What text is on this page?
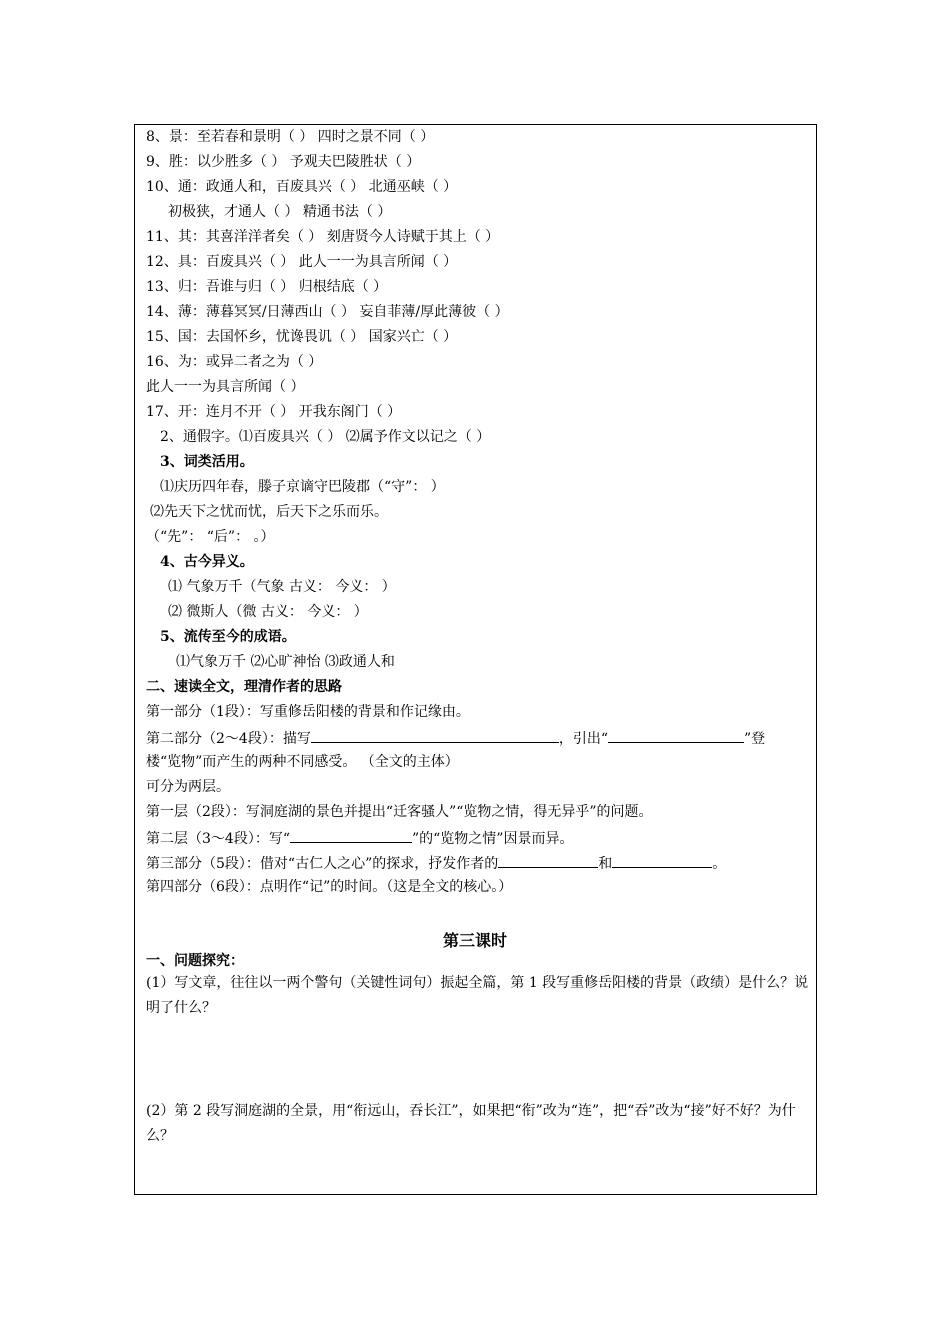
8、景：至若春和景明（ ） 四时之景不同（ ）
9、胜：以少胜多（ ） 予观夫巴陵胜状（ ）
10、通：政通人和，百废具兴（ ） 北通巫峡（ ）
初极狭，才通人（ ） 精通书法（ ）
11、其：其喜洋洋者矣（ ） 刻唐贤今人诗赋于其上（ ）
12、具：百废具兴（ ） 此人一一为具言所闻（ ）
13、归：吾谁与归（ ） 归根结底（ ）
14、薄：薄暮冥冥/日薄西山（ ） 妄自菲薄/厚此薄彼（ ）
15、国：去国怀乡，忧谗畏讥（ ） 国家兴亡（ ）
16、为：或异二者之为（ ）
此人一一为具言所闻（ ）
17、开：连月不开（ ） 开我东阁门（ ）
2、通假字。⑴百废具兴（ ） ⑵属予作文以记之（ ）
3、词类活用。
⑴庆历四年春，滕子京谪守巴陵郡（“守”： ）
⑵先天下之忧而忧，后天下之乐而乐。
（“先”： “后”： 。）
4、古今异义。
⑴ 气象万千（气象 古义： 今义： ）
⑵ 微斯人（微 古义： 今义： ）
5、流传至今的成语。
⑴气象万千 ⑵心旷神怡 ⑶政通人和
二、速读全文，理清作者的思路
第一部分（1段）：写重修岳阳楼的背景和作记缘由。
第二部分（2～4段）：描写	，引出“	”登
楼“览物”而产生的两种不同感受。 （全文的主体）
可分为两层。
第一层（2段）：写洞庭湖的景色并提出“迁客骚人”“览物之情，得无异乎”的问题。
第二层（3～4段）：写“	”的“览物之情”因景而异。
第三部分（5段）：借对“古仁人之心”的探求，抒发作者的	和	。
第四部分（6段）：点明作“记”的时间。（这是全文的核心。）
第三课时
一、问题探究：
(1）写文章，往往以一两个警句（关键性词句）振起全篇，第 1 段写重修岳阳楼的背景（政绩）是什么？说明了什么？
(2）第 2 段写洞庭湖的全景，用“衔远山，吞长江”，如果把“衔”改为“连”，把“吞”改为“接”好不好？为什么？
